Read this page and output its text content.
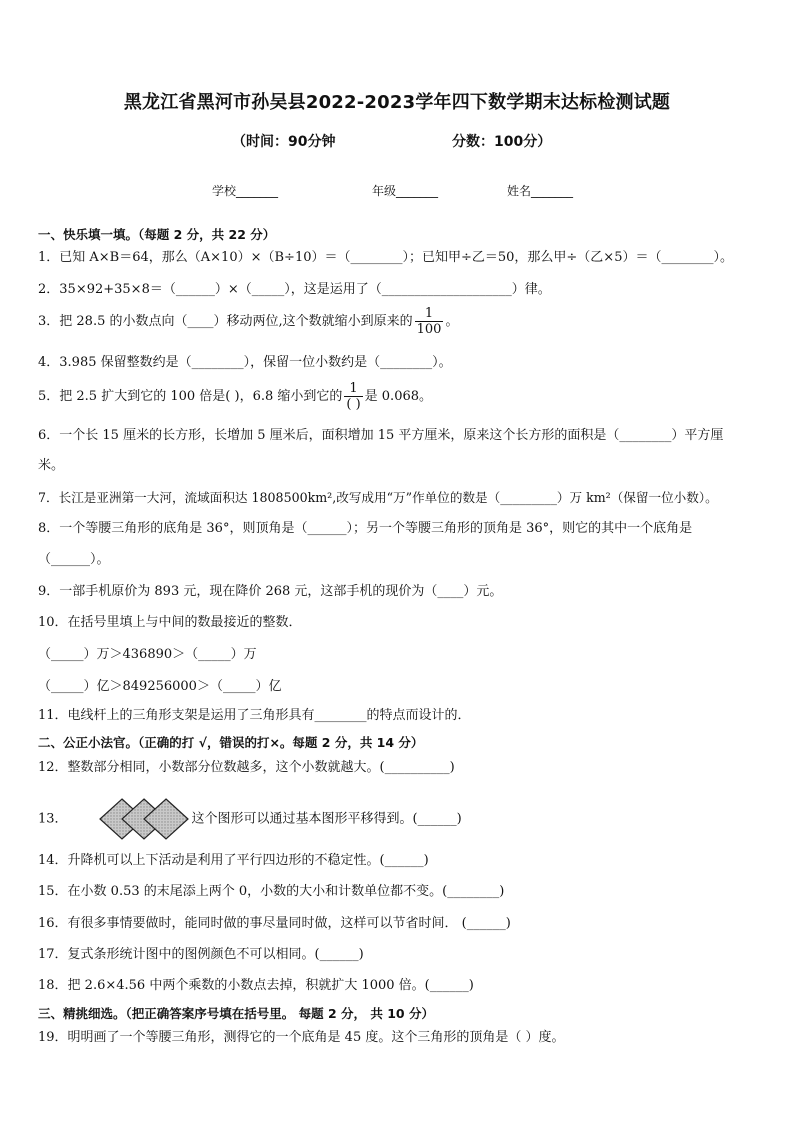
黑龙江省黑河市孙吴县2022-2023学年四下数学期末达标检测试题
（时间：90分钟	分数：100分）
学校_______	年级_______	姓名_______
一、快乐填一填。（每题 2 分，共 22 分）
1．已知 A×B＝64，那么（A×10）×（B÷10）＝（________）；已知甲÷乙＝50，那么甲÷（乙×5）＝（________）。
2．35×92+35×8＝（______）×（_____），这是运用了（____________________）律。
3．把 28.5 的小数点向（____）移动两位,这个数就缩小到原来的 $\frac{1}{100}$ 。
4．3.985 保留整数约是（________），保留一位小数约是（________）。
5．把 2.5 扩大到它的 100 倍是( )，6.8 缩小到它的 $\frac{1}{( )}$ 是 0.068。
6．一个长 15 厘米的长方形，长增加 5 厘米后，面积增加 15 平方厘米，原来这个长方形的面积是（________）平方厘
米。
7．长江是亚洲第一大河，流域面积达 1808500km²,改写成用“万”作单位的数是（_________）万 km²（保留一位小数）。
8．一个等腰三角形的底角是 36°，则顶角是（______）；另一个等腰三角形的顶角是 36°，则它的其中一个底角是
（______）。
9．一部手机原价为 893 元，现在降价 268 元，这部手机的现价为（____）元。
10．在括号里填上与中间的数最接近的整数．
（_____）万＞436890＞（_____）万
（_____）亿＞849256000＞（_____）亿
11．电线杆上的三角形支架是运用了三角形具有________的特点而设计的．
二、公正小法官。（正确的打 √，错误的打×。每题 2 分，共 14 分）
12．整数部分相同，小数部分位数越多，这个小数就越大。(__________)
13．	这个图形可以通过基本图形平移得到。(______)
14．升降机可以上下活动是利用了平行四边形的不稳定性。(______)
15．在小数 0.53 的末尾添上两个 0，小数的大小和计数单位都不变。(________)
16．有很多事情要做时，能同时做的事尽量同时做，这样可以节省时间． (______)
17．复式条形统计图中的图例颜色不可以相同。(______)
18．把 2.6×4.56 中两个乘数的小数点去掉，积就扩大 1000 倍。(______)
三、精挑细选。（把正确答案序号填在括号里。 每题 2 分， 共 10 分）
19．明明画了一个等腰三角形，测得它的一个底角是 45 度。这个三角形的顶角是（ ）度。
